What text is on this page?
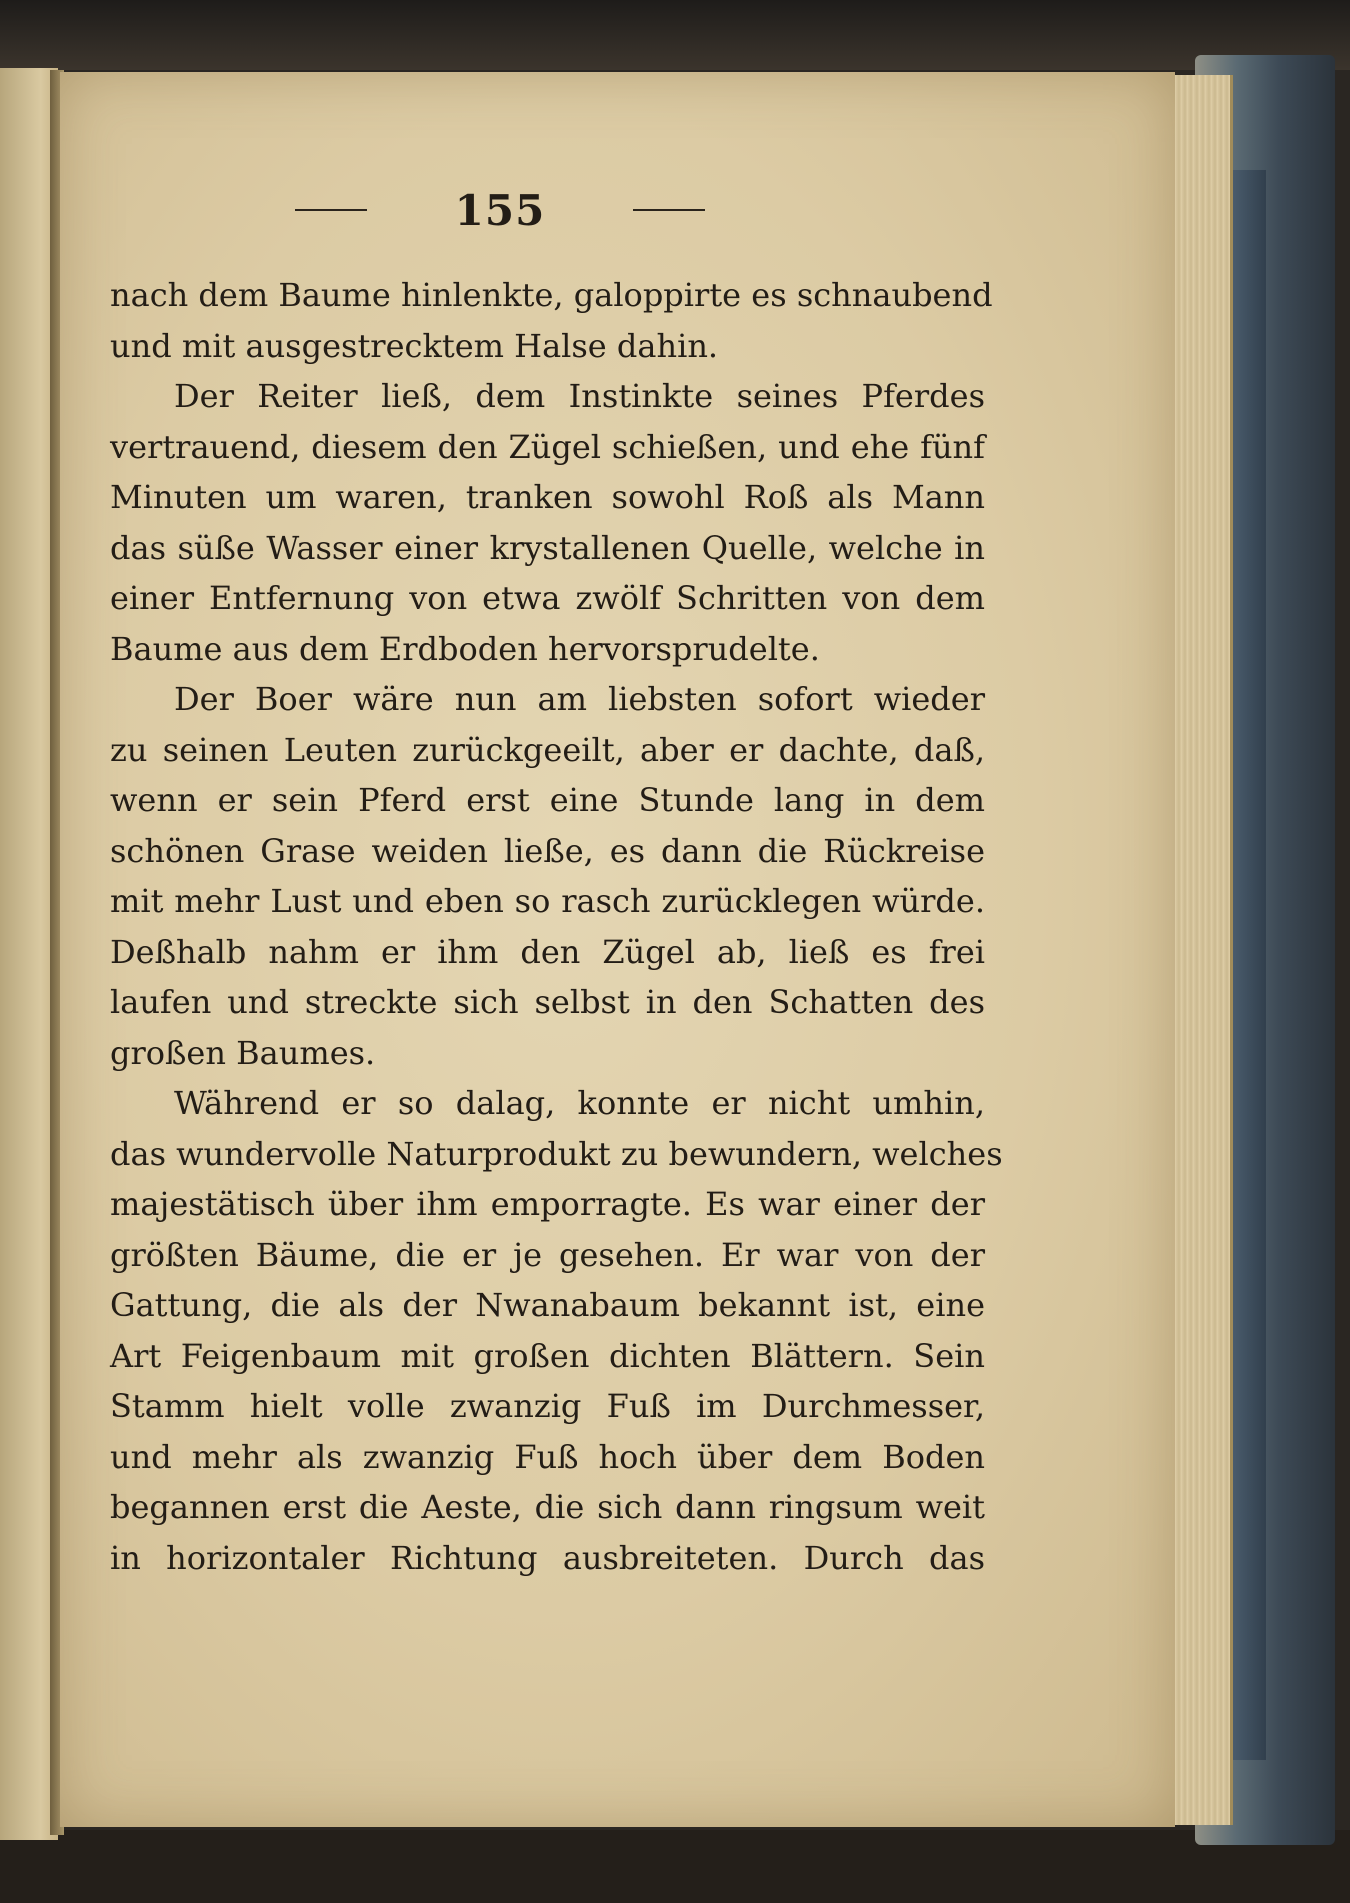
155
nach dem Baume hinlenkte, galoppirte es schnaubend
und mit ausgestrecktem Halse dahin.
Der Reiter ließ, dem Instinkte seines Pferdes
vertrauend, diesem den Zügel schießen, und ehe fünf
Minuten um waren, tranken sowohl Roß als Mann
das süße Wasser einer krystallenen Quelle, welche in
einer Entfernung von etwa zwölf Schritten von dem
Baume aus dem Erdboden hervorsprudelte.
Der Boer wäre nun am liebsten sofort wieder
zu seinen Leuten zurückgeeilt, aber er dachte, daß,
wenn er sein Pferd erst eine Stunde lang in dem
schönen Grase weiden ließe, es dann die Rückreise
mit mehr Lust und eben so rasch zurücklegen würde.
Deßhalb nahm er ihm den Zügel ab, ließ es frei
laufen und streckte sich selbst in den Schatten des
großen Baumes.
Während er so dalag, konnte er nicht umhin,
das wundervolle Naturprodukt zu bewundern, welches
majestätisch über ihm emporragte. Es war einer der
größten Bäume, die er je gesehen. Er war von der
Gattung, die als der Nwanabaum bekannt ist, eine
Art Feigenbaum mit großen dichten Blättern. Sein
Stamm hielt volle zwanzig Fuß im Durchmesser,
und mehr als zwanzig Fuß hoch über dem Boden
begannen erst die Aeste, die sich dann ringsum weit
in horizontaler Richtung ausbreiteten. Durch das
